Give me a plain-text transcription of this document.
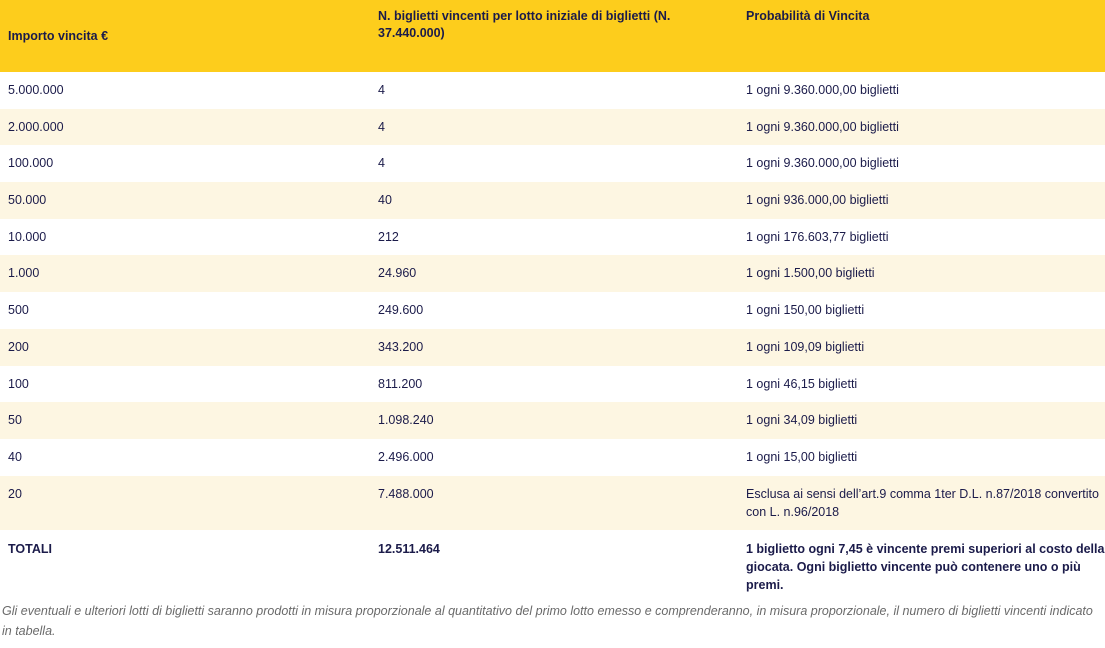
Importo vincita €	N. biglietti vincenti per lotto iniziale di biglietti (N. 37.440.000)	Probabilità di Vincita
5.000.000	4	1 ogni 9.360.000,00 biglietti
2.000.000	4	1 ogni 9.360.000,00 biglietti
100.000	4	1 ogni 9.360.000,00 biglietti
50.000	40	1 ogni 936.000,00 biglietti
10.000	212	1 ogni 176.603,77 biglietti
1.000	24.960	1 ogni 1.500,00 biglietti
500	249.600	1 ogni 150,00 biglietti
200	343.200	1 ogni 109,09 biglietti
100	811.200	1 ogni 46,15 biglietti
50	1.098.240	1 ogni 34,09 biglietti
40	2.496.000	1 ogni 15,00 biglietti
20	7.488.000	Esclusa ai sensi dell’art.9 comma 1ter D.L. n.87/2018 convertito con L. n.96/2018
TOTALI	12.511.464	1 biglietto ogni 7,45 è vincente premi superiori al costo della giocata. Ogni biglietto vincente può contenere uno o più premi.

Gli eventuali e ulteriori lotti di biglietti saranno prodotti in misura proporzionale al quantitativo del primo lotto emesso e comprenderanno, in misura proporzionale, il numero di biglietti vincenti indicato in tabella.
